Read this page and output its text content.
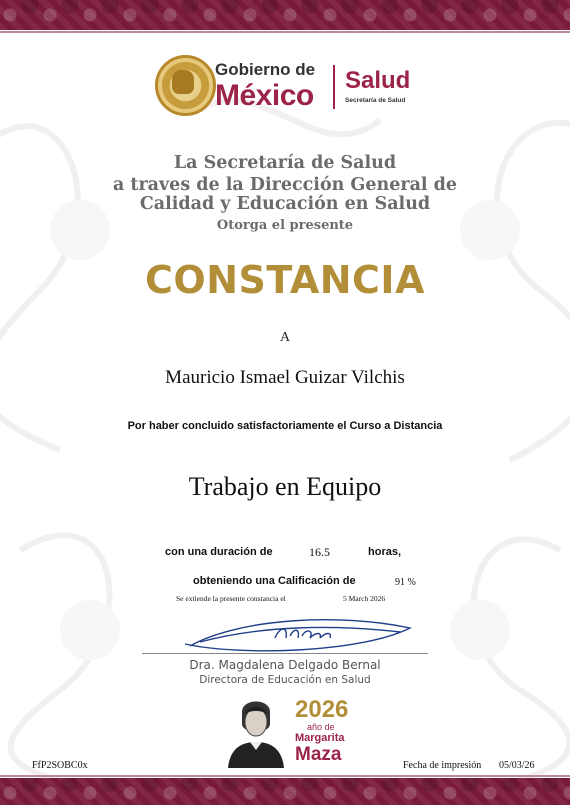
Gobierno de
México Salud
Secretaría de Salud
La Secretaría de Salud
a traves de la Dirección General de
Calidad y Educación en Salud
Otorga el presente
CONSTANCIA
A
Mauricio Ismael Guizar Vilchis
Por haber concluido satisfactoriamente el Curso a Distancia
Trabajo en Equipo
con una duración de	16.5	horas,
obteniendo una Calificación de	91 %
Se extiende la presente constancia el	5 March 2026
Dra. Magdalena Delgado Bernal
Directora de Educación en Salud
2026
año de
Margarita
Maza
FfP2SOBC0x	Fecha de impresión 05/03/26
